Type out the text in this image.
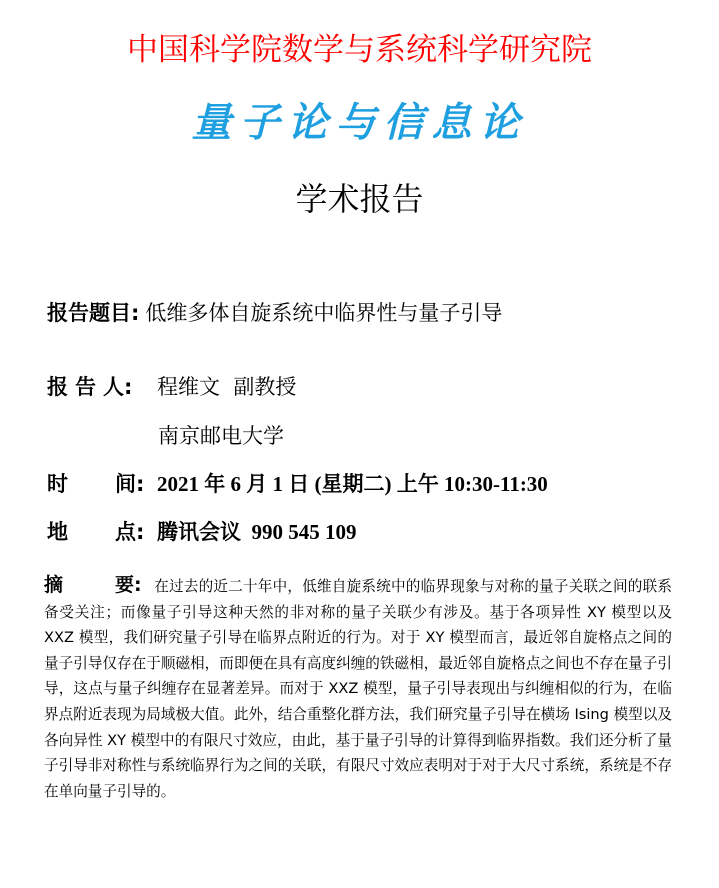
中国科学院数学与系统科学研究院
量子论与信息论
学术报告
报告题目: 低维多体自旋系统中临界性与量子引导
报 告 人: 程维文  副教授
南京邮电大学
时 间: 2021 年 6 月 1 日 (星期二) 上午 10:30-11:30
地 点: 腾讯会议  990 545 109
摘	要: 在过去的近二十年中，低维自旋系统中的临界现象与对称的量子关联之间的联系备受关注；而像量子引导这种天然的非对称的量子关联少有涉及。基于各项异性 XY 模型以及 XXZ 模型，我们研究量子引导在临界点附近的行为。对于 XY 模型而言，最近邻自旋格点之间的量子引导仅存在于顺磁相，而即便在具有高度纠缠的铁磁相，最近邻自旋格点之间也不存在量子引导，这点与量子纠缠存在显著差异。而对于 XXZ 模型，量子引导表现出与纠缠相似的行为，在临界点附近表现为局域极大值。此外，结合重整化群方法，我们研究量子引导在横场 Ising 模型以及各向异性 XY 模型中的有限尺寸效应，由此，基于量子引导的计算得到临界指数。我们还分析了量子引导非对称性与系统临界行为之间的关联，有限尺寸效应表明对于对于大尺寸系统，系统是不存在单向量子引导的。
